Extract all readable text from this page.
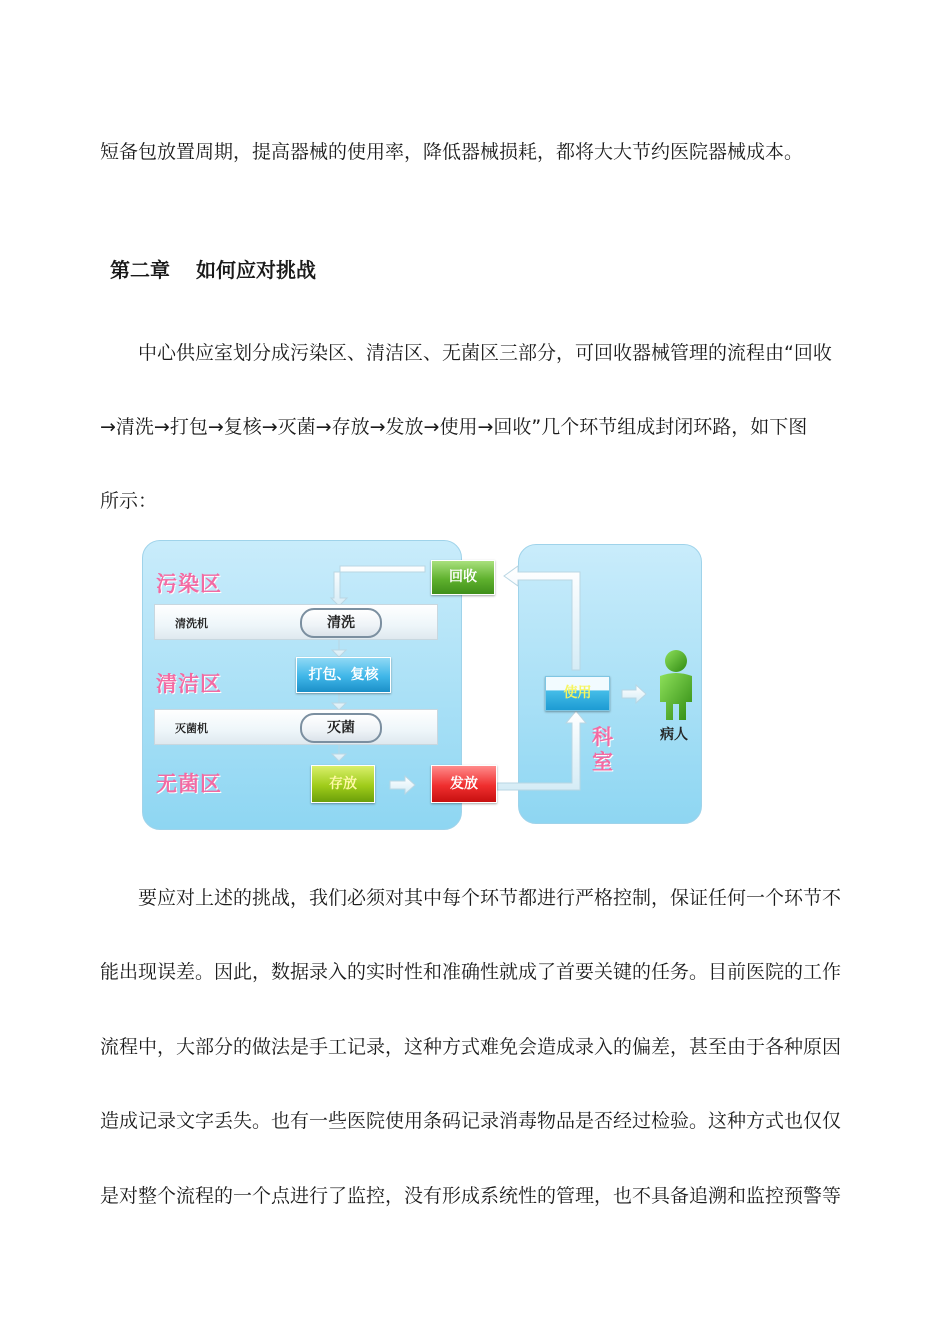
短备包放置周期，提高器械的使用率，降低器械损耗，都将大大节约医院器械成本。
第二章 如何应对挑战
中心供应室划分成污染区、清洁区、无菌区三部分，可回收器械管理的流程由“回收
→清洗→打包→复核→灭菌→存放→发放→使用→回收”几个环节组成封闭环路，如下图
所示：
污染区
清洁区
无菌区
科
室
清洗机	清洗
灭菌机	灭菌
回收
打包、复核
存放	发放
使用
病人
要应对上述的挑战，我们必须对其中每个环节都进行严格控制，保证任何一个环节不
能出现误差。因此，数据录入的实时性和准确性就成了首要关键的任务。目前医院的工作
流程中，大部分的做法是手工记录，这种方式难免会造成录入的偏差，甚至由于各种原因
造成记录文字丢失。也有一些医院使用条码记录消毒物品是否经过检验。这种方式也仅仅
是对整个流程的一个点进行了监控，没有形成系统性的管理，也不具备追溯和监控预警等
